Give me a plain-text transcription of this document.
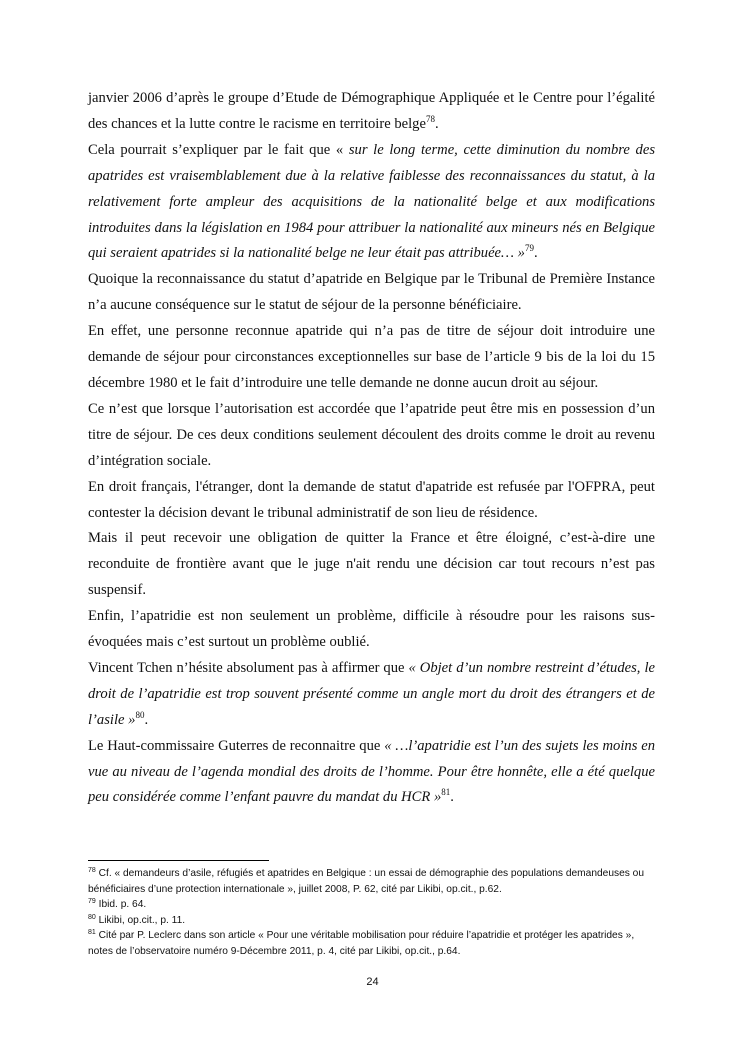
janvier 2006 d’après le groupe d’Etude de Démographique Appliquée et le Centre pour l’égalité des chances et la lutte contre le racisme en territoire belge$^{78}$.

Cela pourrait s’expliquer par le fait que « sur le long terme, cette diminution du nombre des apatrides est vraisemblablement due à la relative faiblesse des reconnaissances du statut, à la relativement forte ampleur des acquisitions de la nationalité belge et aux modifications introduites dans la législation en 1984 pour attribuer la nationalité aux mineurs nés en Belgique qui seraient apatrides si la nationalité belge ne leur était pas attribuée… »$^{79}$.

Quoique la reconnaissance du statut d’apatride en Belgique par le Tribunal de Première Instance n’a aucune conséquence sur le statut de séjour de la personne bénéficiaire.

En effet, une personne reconnue apatride qui n’a pas de titre de séjour doit introduire une demande de séjour pour circonstances exceptionnelles sur base de l’article 9 bis de la loi du 15 décembre 1980 et le fait d’introduire une telle demande ne donne aucun droit au séjour.

Ce n’est que lorsque l’autorisation est accordée que l’apatride peut être mis en possession d’un titre de séjour. De ces deux conditions seulement découlent des droits comme le droit au revenu d’intégration sociale.

En droit français, l'étranger, dont la demande de statut d'apatride est refusée par l'OFPRA, peut contester la décision devant le tribunal administratif de son lieu de résidence.

Mais il peut recevoir une obligation de quitter la France et être éloigné, c’est-à-dire une reconduite de frontière avant que le juge n'ait rendu une décision car tout recours n’est pas suspensif.

Enfin, l’apatridie est non seulement un problème, difficile à résoudre pour les raisons sus-évoquées mais c’est surtout un problème oublié.

Vincent Tchen n’hésite absolument pas à affirmer que « Objet d’un nombre restreint d’études, le droit de l’apatridie est trop souvent présenté comme un angle mort du droit des étrangers et de l’asile »$^{80}$.

Le Haut-commissaire Guterres de reconnaitre que « …l’apatridie est l’un des sujets les moins en vue au niveau de l’agenda mondial des droits de l’homme. Pour être honnête, elle a été quelque peu considérée comme l’enfant pauvre du mandat du HCR »$^{81}$.

$^{78}$ Cf. « demandeurs d’asile, réfugiés et apatrides en Belgique : un essai de démographie des populations demandeuses ou bénéficiaires d’une protection internationale », juillet 2008, P. 62, cité par Likibi, op.cit., p.62.

$^{79}$ Ibid. p. 64.

$^{80}$ Likibi, op.cit., p. 11.

$^{81}$ Cité par P. Leclerc dans son article « Pour une véritable mobilisation pour réduire l’apatridie et protéger les apatrides », notes de l’observatoire numéro 9-Décembre 2011, p. 4, cité par Likibi, op.cit., p.64.

24
